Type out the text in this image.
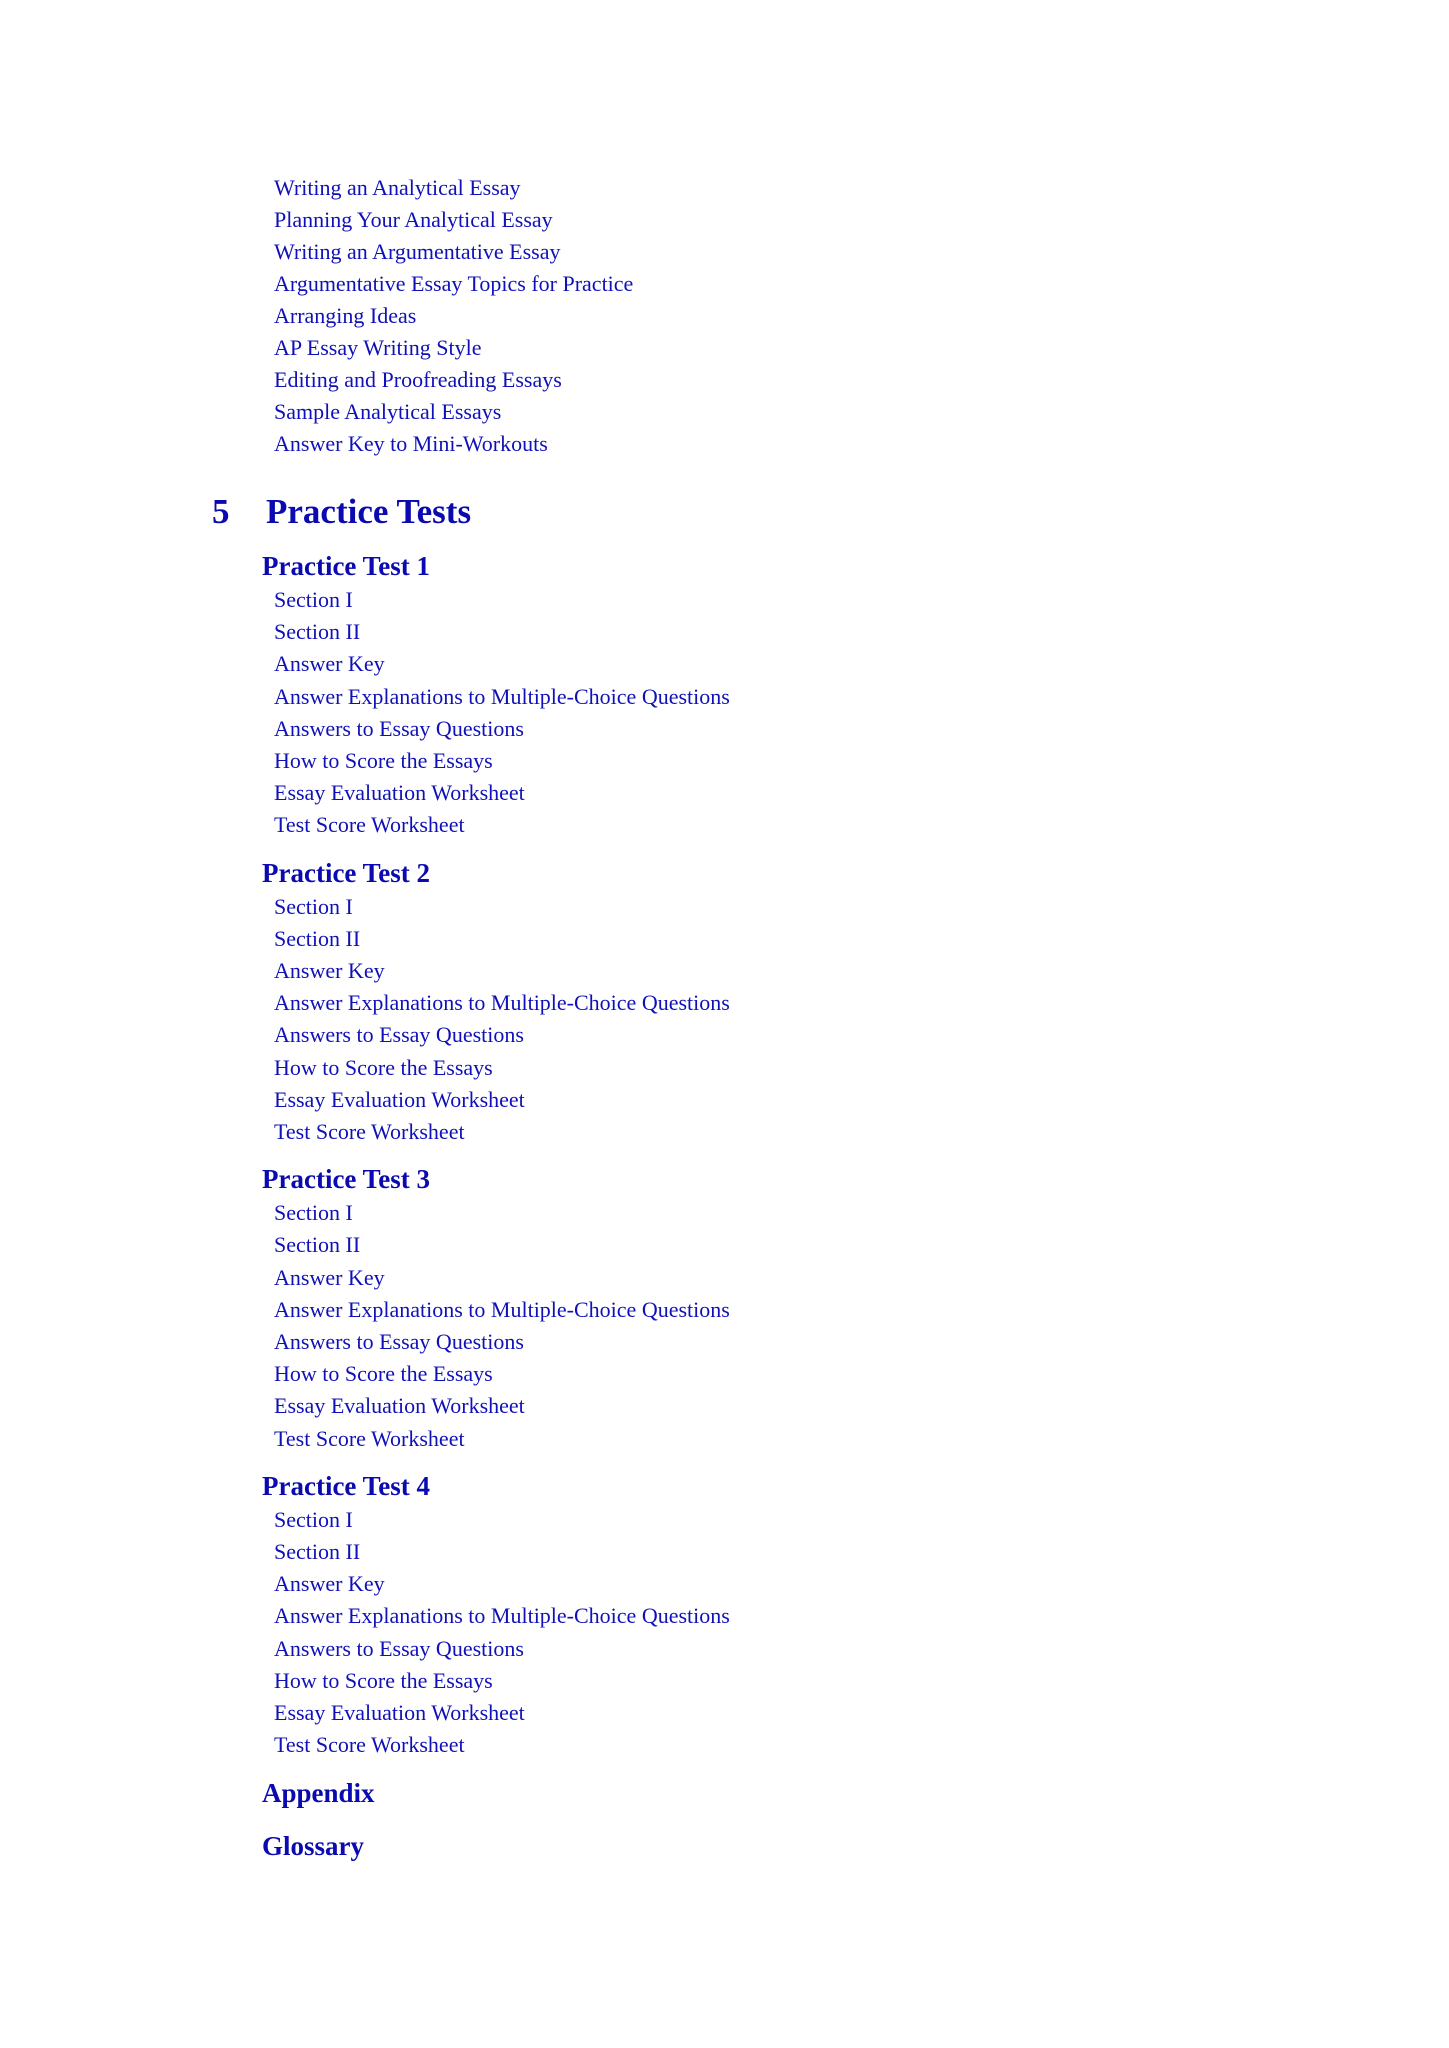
Writing an Analytical Essay
Planning Your Analytical Essay
Writing an Argumentative Essay
Argumentative Essay Topics for Practice
Arranging Ideas
AP Essay Writing Style
Editing and Proofreading Essays
Sample Analytical Essays
Answer Key to Mini-Workouts
5 Practice Tests
Practice Test 1
Section I
Section II
Answer Key
Answer Explanations to Multiple-Choice Questions
Answers to Essay Questions
How to Score the Essays
Essay Evaluation Worksheet
Test Score Worksheet
Practice Test 2
Section I
Section II
Answer Key
Answer Explanations to Multiple-Choice Questions
Answers to Essay Questions
How to Score the Essays
Essay Evaluation Worksheet
Test Score Worksheet
Practice Test 3
Section I
Section II
Answer Key
Answer Explanations to Multiple-Choice Questions
Answers to Essay Questions
How to Score the Essays
Essay Evaluation Worksheet
Test Score Worksheet
Practice Test 4
Section I
Section II
Answer Key
Answer Explanations to Multiple-Choice Questions
Answers to Essay Questions
How to Score the Essays
Essay Evaluation Worksheet
Test Score Worksheet
Appendix
Glossary
